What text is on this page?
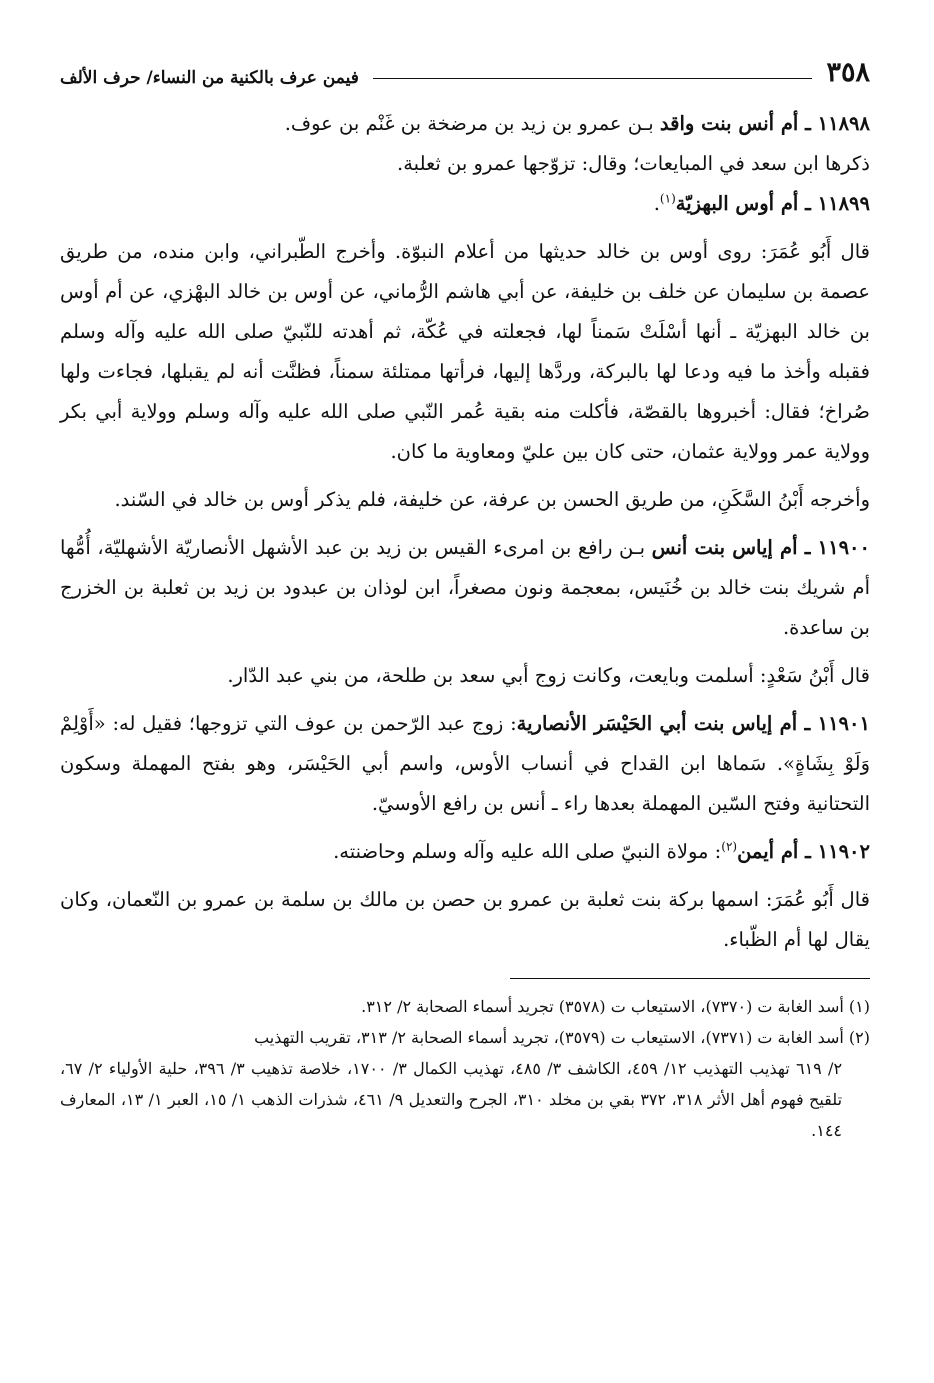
٣٥٨
فيمن عرف بالكنية من النساء/ حرف الألف

١١٨٩٨ ـ أم أنس بنت واقد بـن عمرو بن زيد بن مرضخة بن غَنْم بن عوف.

ذكرها ابن سعد في المبايعات؛ وقال: تزوّجها عمرو بن ثعلبة.

١١٨٩٩ ـ أم أوس البهزيّة$^{(١)}$.

قال أَبُو عُمَرَ: روى أوس بن خالد حديثها من أعلام النبوّة. وأخرج الطّبراني، وابن منده، من طريق عصمة بن سليمان عن خلف بن خليفة، عن أبي هاشم الرُّماني، عن أوس بن خالد البهْزي، عن أم أوس بن خالد البهزيّة ـ أنها أسْلَتْ سَمناً لها، فجعلته في عُكّة، ثم أهدته للنّبيّ صلى الله عليه وآله وسلم فقبله وأخذ ما فيه ودعا لها بالبركة، وردَّها إليها، فرأتها ممتلئة سمناً، فظنَّت أنه لم يقبلها، فجاءت ولها صُراخ؛ فقال: أخبروها بالقصّة، فأكلت منه بقية عُمر النّبي صلى الله عليه وآله وسلم وولاية أبي بكر وولاية عمر وولاية عثمان، حتى كان بين عليّ ومعاوية ما كان.

وأخرجه أَبْنُ السَّكَنِ، من طريق الحسن بن عرفة، عن خليفة، فلم يذكر أوس بن خالد في السّند.

١١٩٠٠ ـ أم إياس بنت أنس بـن رافع بن امرىء القيس بن زيد بن عبد الأشهل الأنصاريّة الأشهليّة، أُمُّها أم شريك بنت خالد بن خُنَيس، بمعجمة ونون مصغراً، ابن لوذان بن عبدود بن زيد بن ثعلبة بن الخزرج بن ساعدة.

قال أَبْنُ سَعْدٍ: أسلمت وبايعت، وكانت زوج أبي سعد بن طلحة، من بني عبد الدّار.

١١٩٠١ ـ أم إياس بنت أبي الحَيْسَر الأنصارية: زوج عبد الرّحمن بن عوف التي تزوجها؛ فقيل له: «أَوْلِمْ وَلَوْ بِشَاةٍ». سَماها ابن القداح في أنساب الأوس، واسم أبي الحَيْسَر، وهو بفتح المهملة وسكون التحتانية وفتح السّين المهملة بعدها راء ـ أنس بن رافع الأوسيّ.

١١٩٠٢ ـ أم أيمن$^{(٢)}$: مولاة النبيّ صلى الله عليه وآله وسلم وحاضنته.

قال أَبُو عُمَرَ: اسمها بركة بنت ثعلبة بن عمرو بن حصن بن مالك بن سلمة بن عمرو بن النّعمان، وكان يقال لها أم الظّباء.

(١) أسد الغابة ت (٧٣٧٠)، الاستيعاب ت (٣٥٧٨) تجريد أسماء الصحابة ٢/ ٣١٢.

(٢) أسد الغابة ت (٧٣٧١)، الاستيعاب ت (٣٥٧٩)، تجريد أسماء الصحابة ٢/ ٣١٣، تقريب التهذيب

٢/ ٦١٩ تهذيب التهذيب ١٢/ ٤٥٩، الكاشف ٣/ ٤٨٥، تهذيب الكمال ٣/ ١٧٠٠، خلاصة تذهيب ٣/ ٣٩٦، حلية الأولياء ٢/ ٦٧، تلقيح فهوم أهل الأثر ٣١٨، ٣٧٢ بقي بن مخلد ٣١٠، الجرح والتعديل ٩/ ٤٦١، شذرات الذهب ١/ ١٥، العبر ١/ ١٣، المعارف ١٤٤.
